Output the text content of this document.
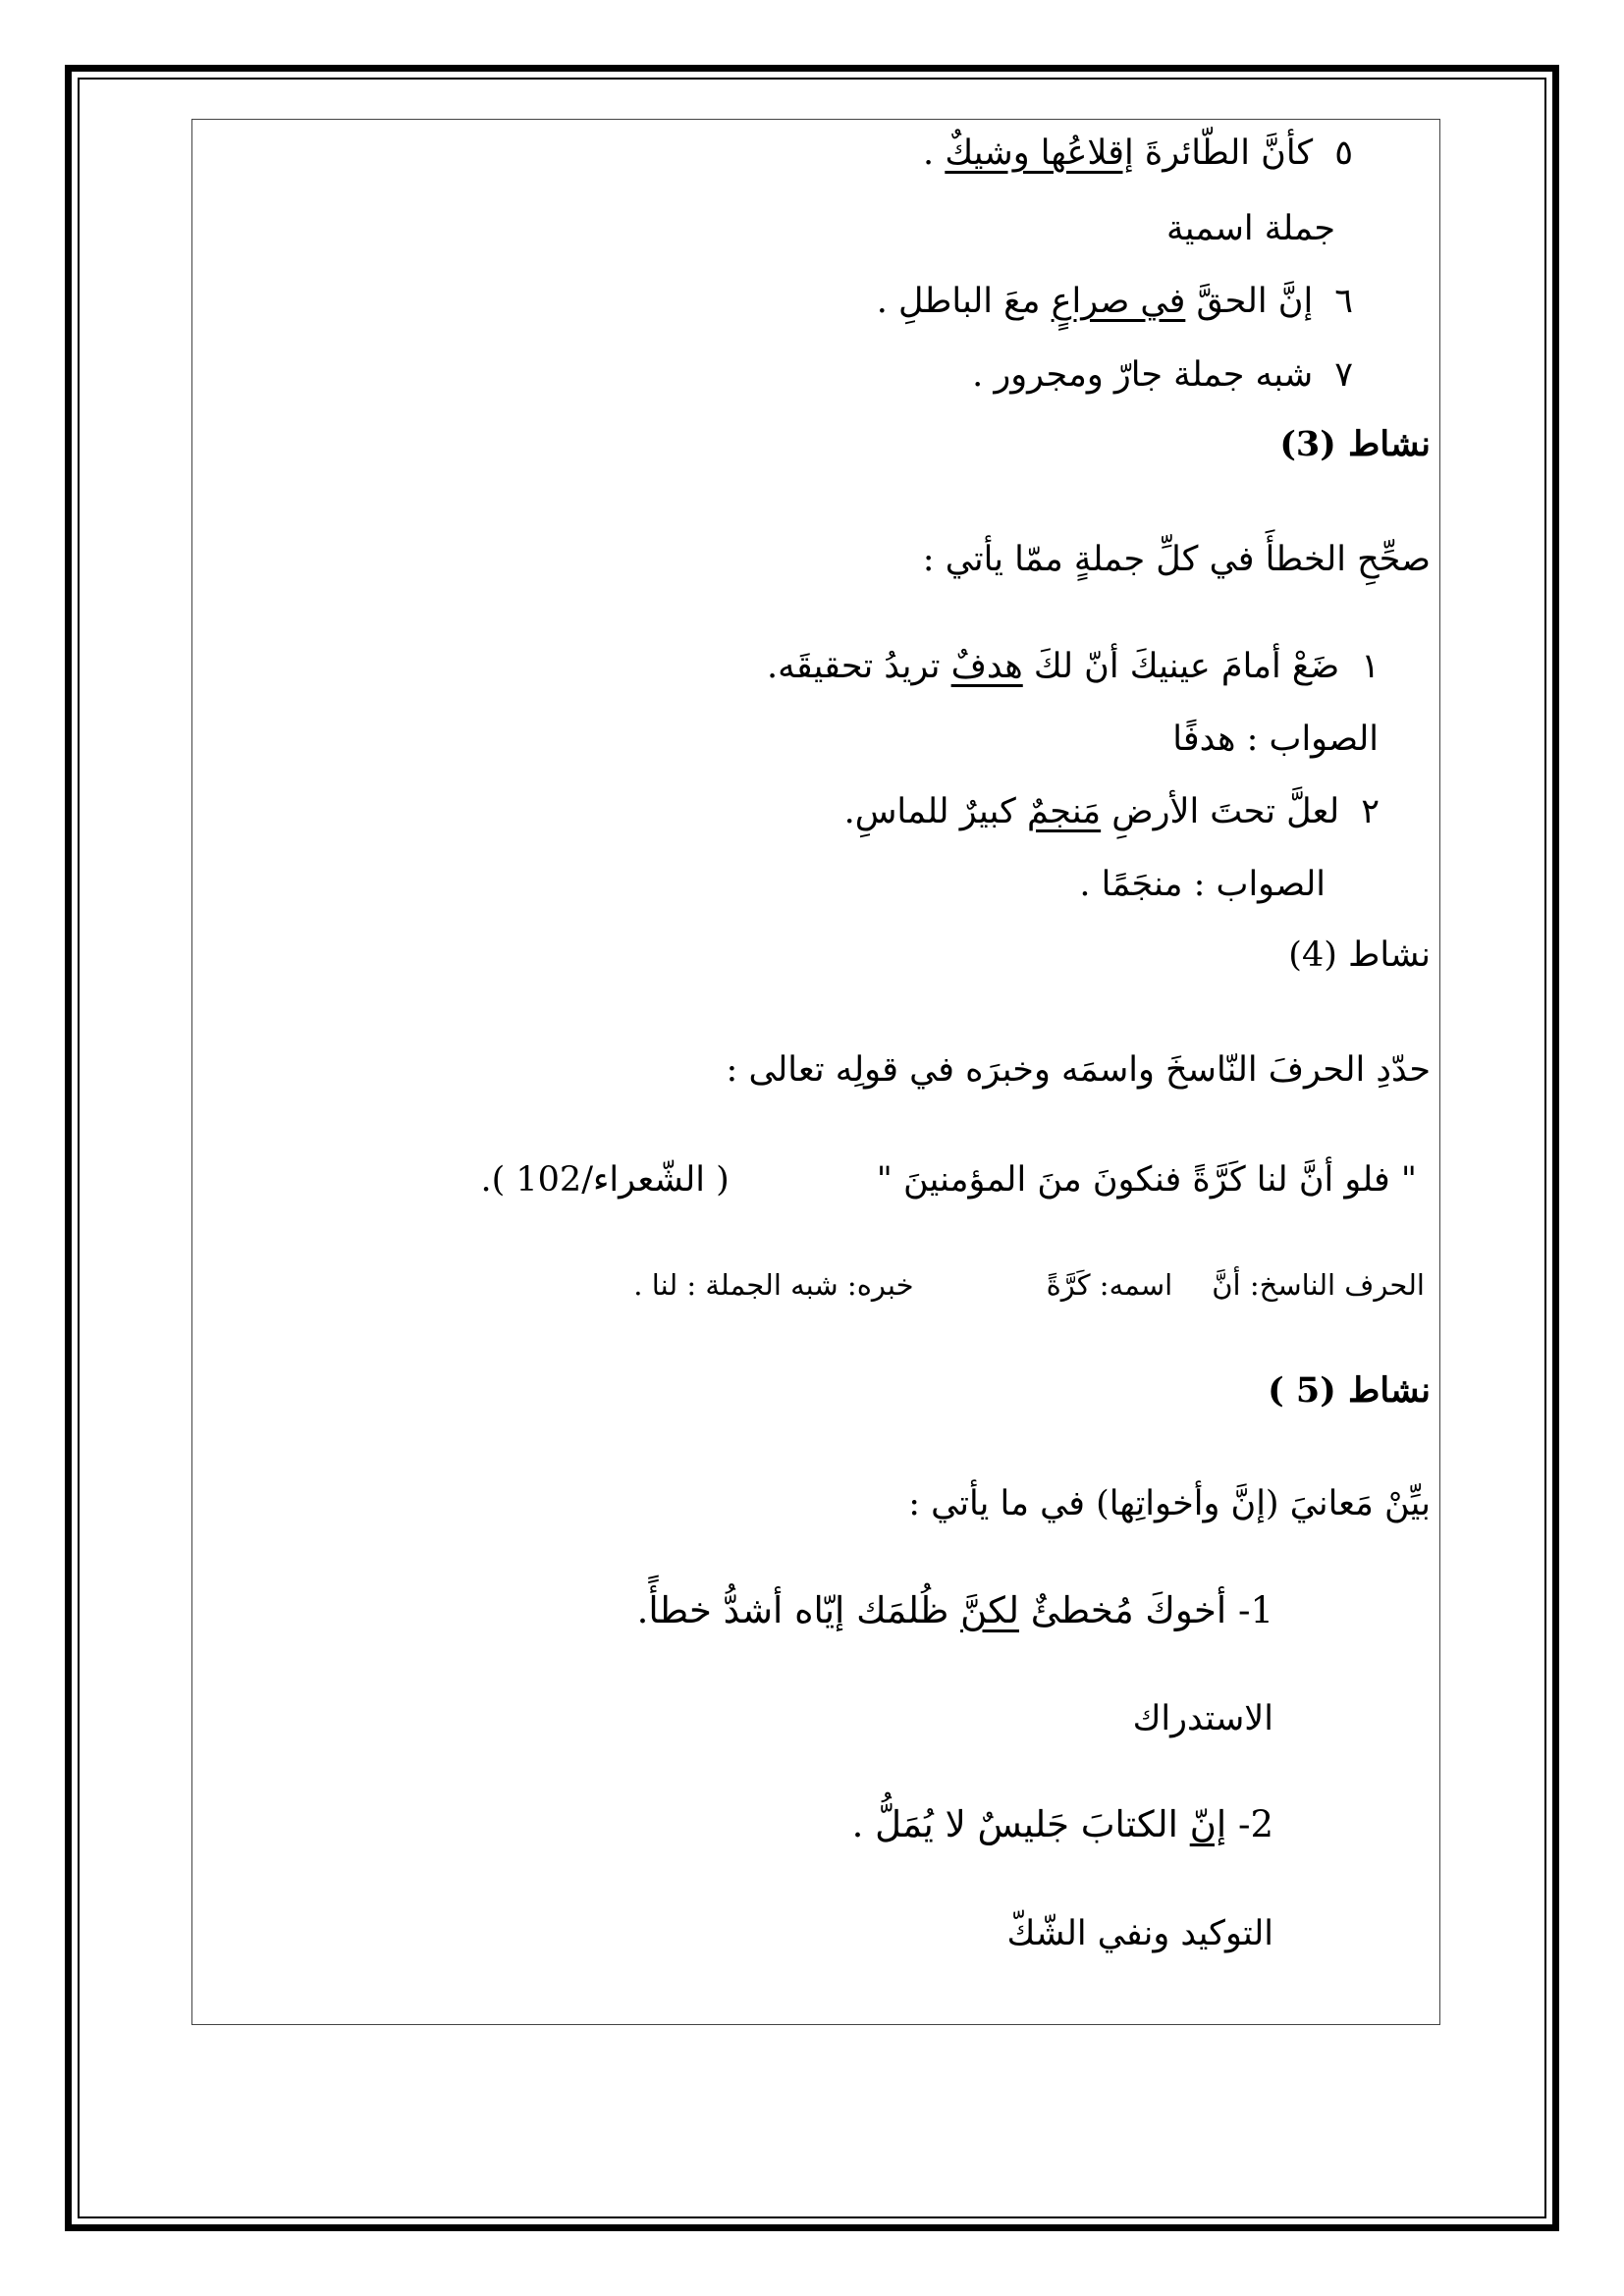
٥كأنَّ الطّائرةَ إقلاعُها وشيكٌ .
جملة اسمية
٦إنَّ الحقَّ في صراعٍ معَ الباطلِ .
٧شبه جملة جارّ ومجرور .
نشاط (3)
صحِّحِ الخطأَ في كلِّ جملةٍ ممّا يأتي :
١ضَعْ أمامَ عينيكَ أنّ لكَ هدفٌ تريدُ تحقيقَه.
الصواب : هدفًا
٢لعلَّ تحتَ الأرضِ مَنجمٌ كبيرٌ للماسِ.
الصواب : منجَمًا .
نشاط (4)
حدّدِ الحرفَ النّاسخَ واسمَه وخبرَه في قولِه تعالى :
" فلو أنَّ لنا كَرَّةً فنكونَ منَ المؤمنينَ "( الشّعراء/102 ).
الحرف الناسخ: أنَّاسمه: كَرَّةًخبره: شبه الجملة : لنا .
نشاط (5 )
بيِّنْ مَعانيَ (إنَّ وأخواتِها) في ما يأتي :
1- أخوكَ مُخطئٌ لكنَّ ظُلمَك إيّاه أشدُّ خطأً.
الاستدراك
2- إنّ الكتابَ جَليسٌ لا يُمَلُّ .
التوكيد ونفي الشّكّ
